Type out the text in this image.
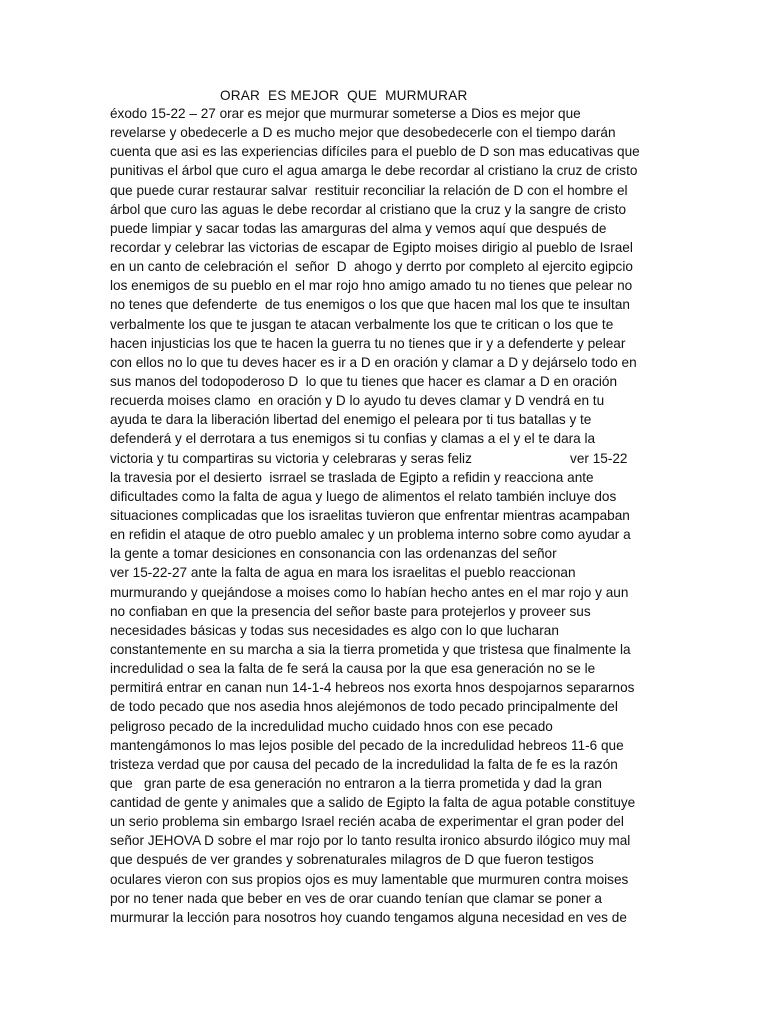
ORAR  ES MEJOR  QUE  MURMURAR
éxodo 15-22 – 27 orar es mejor que murmurar someterse a Dios es mejor que
revelarse y obedecerle a D es mucho mejor que desobedecerle con el tiempo darán
cuenta que asi es las experiencias difíciles para el pueblo de D son mas educativas que
punitivas el árbol que curo el agua amarga le debe recordar al cristiano la cruz de cristo
que puede curar restaurar salvar  restituir reconciliar la relación de D con el hombre el
árbol que curo las aguas le debe recordar al cristiano que la cruz y la sangre de cristo
puede limpiar y sacar todas las amarguras del alma y vemos aquí que después de
recordar y celebrar las victorias de escapar de Egipto moises dirigio al pueblo de Israel
en un canto de celebración el  señor  D  ahogo y derrto por completo al ejercito egipcio
los enemigos de su pueblo en el mar rojo hno amigo amado tu no tienes que pelear no
no tenes que defenderte  de tus enemigos o los que que hacen mal los que te insultan
verbalmente los que te jusgan te atacan verbalmente los que te critican o los que te
hacen injusticias los que te hacen la guerra tu no tienes que ir y a defenderte y pelear
con ellos no lo que tu deves hacer es ir a D en oración y clamar a D y dejárselo todo en
sus manos del todopoderoso D  lo que tu tienes que hacer es clamar a D en oración
recuerda moises clamo  en oración y D lo ayudo tu deves clamar y D vendrá en tu
ayuda te dara la liberación libertad del enemigo el peleara por ti tus batallas y te
defenderá y el derrotara a tus enemigos si tu confias y clamas a el y el te dara la
victoria y tu compartiras su victoria y celebraras y seras feliz                          ver 15-22
la travesia por el desierto  isrrael se traslada de Egipto a refidin y reacciona ante
dificultades como la falta de agua y luego de alimentos el relato también incluye dos
situaciones complicadas que los israelitas tuvieron que enfrentar mientras acampaban
en refidin el ataque de otro pueblo amalec y un problema interno sobre como ayudar a
la gente a tomar desiciones en consonancia con las ordenanzas del señor
ver 15-22-27 ante la falta de agua en mara los israelitas el pueblo reaccionan
murmurando y quejándose a moises como lo habían hecho antes en el mar rojo y aun
no confiaban en que la presencia del señor baste para protejerlos y proveer sus
necesidades básicas y todas sus necesidades es algo con lo que lucharan
constantemente en su marcha a sia la tierra prometida y que tristesa que finalmente la
incredulidad o sea la falta de fe será la causa por la que esa generación no se le
permitirá entrar en canan nun 14-1-4 hebreos nos exorta hnos despojarnos separarnos
de todo pecado que nos asedia hnos alejémonos de todo pecado principalmente del
peligroso pecado de la incredulidad mucho cuidado hnos con ese pecado
mantengámonos lo mas lejos posible del pecado de la incredulidad hebreos 11-6 que
tristeza verdad que por causa del pecado de la incredulidad la falta de fe es la razón
que   gran parte de esa generación no entraron a la tierra prometida y dad la gran
cantidad de gente y animales que a salido de Egipto la falta de agua potable constituye
un serio problema sin embargo Israel recién acaba de experimentar el gran poder del
señor JEHOVA D sobre el mar rojo por lo tanto resulta ironico absurdo ilógico muy mal
que después de ver grandes y sobrenaturales milagros de D que fueron testigos
oculares vieron con sus propios ojos es muy lamentable que murmuren contra moises
por no tener nada que beber en ves de orar cuando tenían que clamar se poner a
murmurar la lección para nosotros hoy cuando tengamos alguna necesidad en ves de
